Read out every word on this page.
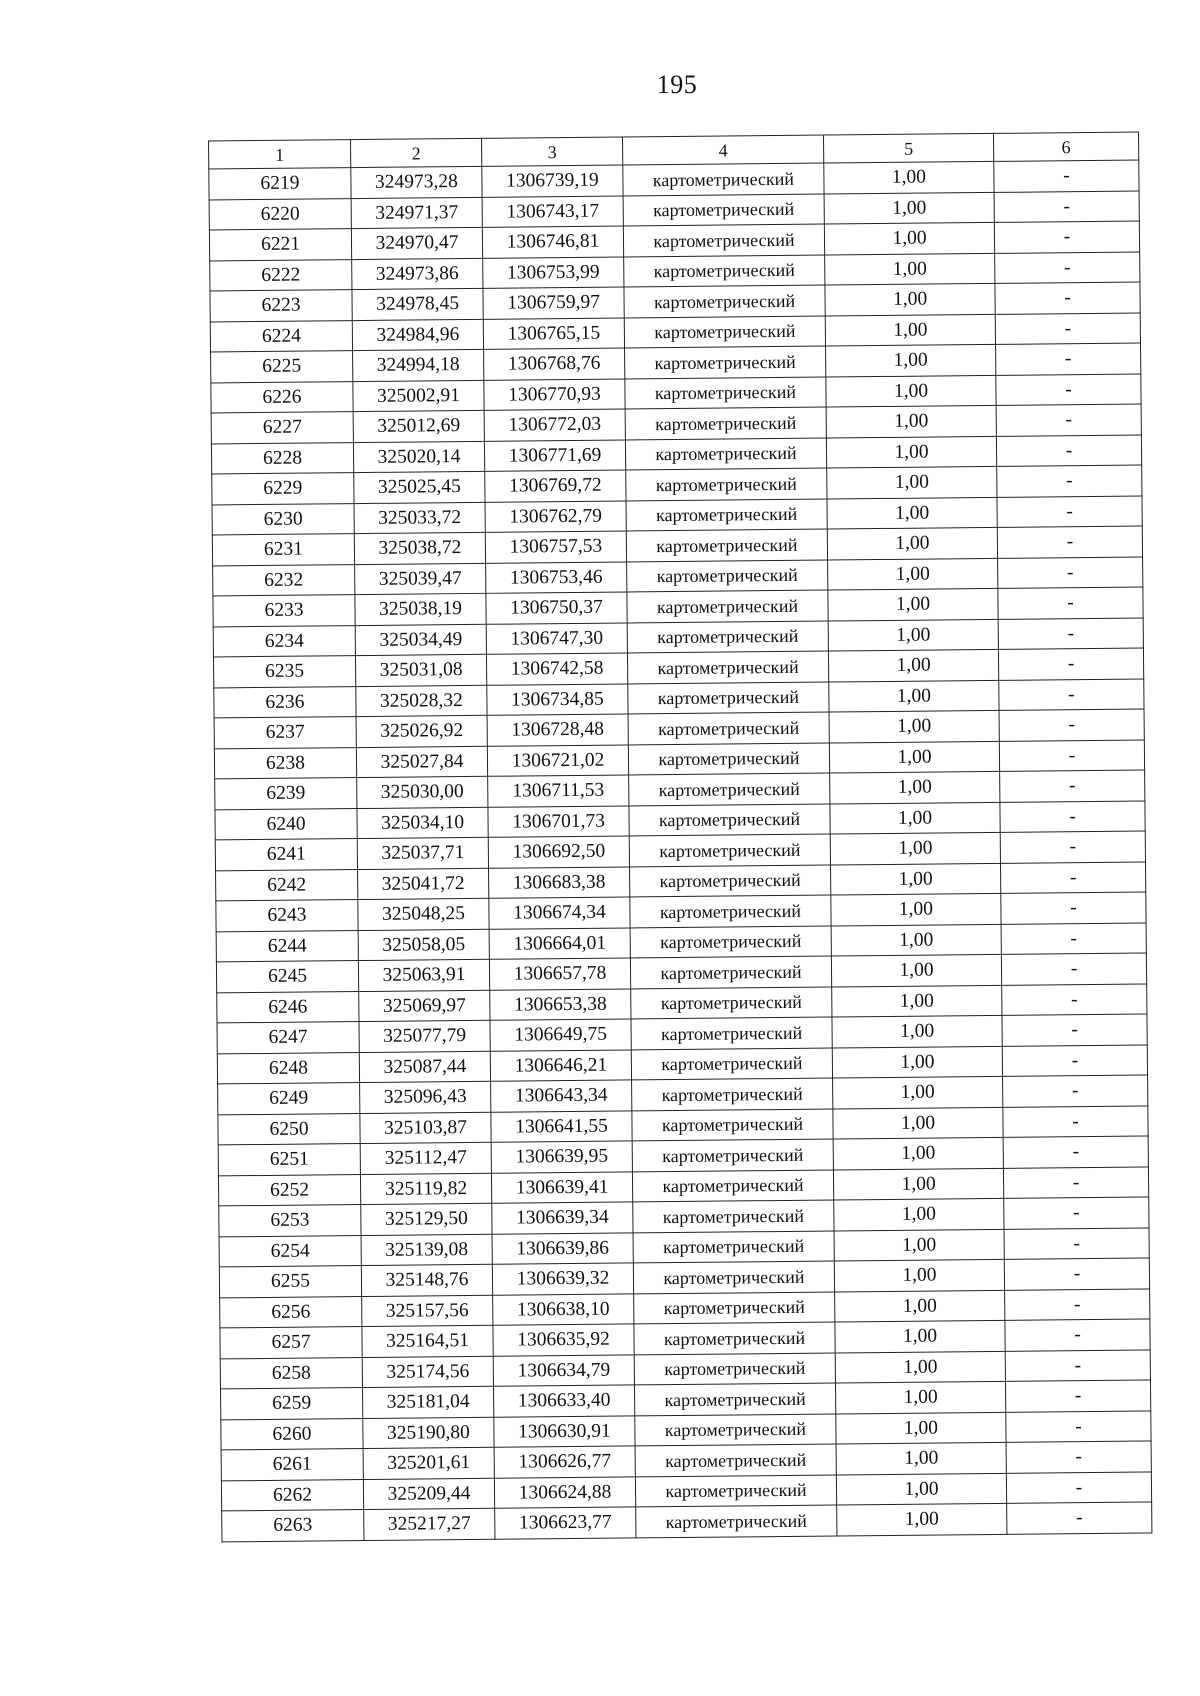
195
1	2	3	4	5	6
6219	324973,28	1306739,19	картометрический	1,00	-
6220	324971,37	1306743,17	картометрический	1,00	-
6221	324970,47	1306746,81	картометрический	1,00	-
6222	324973,86	1306753,99	картометрический	1,00	-
6223	324978,45	1306759,97	картометрический	1,00	-
6224	324984,96	1306765,15	картометрический	1,00	-
6225	324994,18	1306768,76	картометрический	1,00	-
6226	325002,91	1306770,93	картометрический	1,00	-
6227	325012,69	1306772,03	картометрический	1,00	-
6228	325020,14	1306771,69	картометрический	1,00	-
6229	325025,45	1306769,72	картометрический	1,00	-
6230	325033,72	1306762,79	картометрический	1,00	-
6231	325038,72	1306757,53	картометрический	1,00	-
6232	325039,47	1306753,46	картометрический	1,00	-
6233	325038,19	1306750,37	картометрический	1,00	-
6234	325034,49	1306747,30	картометрический	1,00	-
6235	325031,08	1306742,58	картометрический	1,00	-
6236	325028,32	1306734,85	картометрический	1,00	-
6237	325026,92	1306728,48	картометрический	1,00	-
6238	325027,84	1306721,02	картометрический	1,00	-
6239	325030,00	1306711,53	картометрический	1,00	-
6240	325034,10	1306701,73	картометрический	1,00	-
6241	325037,71	1306692,50	картометрический	1,00	-
6242	325041,72	1306683,38	картометрический	1,00	-
6243	325048,25	1306674,34	картометрический	1,00	-
6244	325058,05	1306664,01	картометрический	1,00	-
6245	325063,91	1306657,78	картометрический	1,00	-
6246	325069,97	1306653,38	картометрический	1,00	-
6247	325077,79	1306649,75	картометрический	1,00	-
6248	325087,44	1306646,21	картометрический	1,00	-
6249	325096,43	1306643,34	картометрический	1,00	-
6250	325103,87	1306641,55	картометрический	1,00	-
6251	325112,47	1306639,95	картометрический	1,00	-
6252	325119,82	1306639,41	картометрический	1,00	-
6253	325129,50	1306639,34	картометрический	1,00	-
6254	325139,08	1306639,86	картометрический	1,00	-
6255	325148,76	1306639,32	картометрический	1,00	-
6256	325157,56	1306638,10	картометрический	1,00	-
6257	325164,51	1306635,92	картометрический	1,00	-
6258	325174,56	1306634,79	картометрический	1,00	-
6259	325181,04	1306633,40	картометрический	1,00	-
6260	325190,80	1306630,91	картометрический	1,00	-
6261	325201,61	1306626,77	картометрический	1,00	-
6262	325209,44	1306624,88	картометрический	1,00	-
6263	325217,27	1306623,77	картометрический	1,00	-
